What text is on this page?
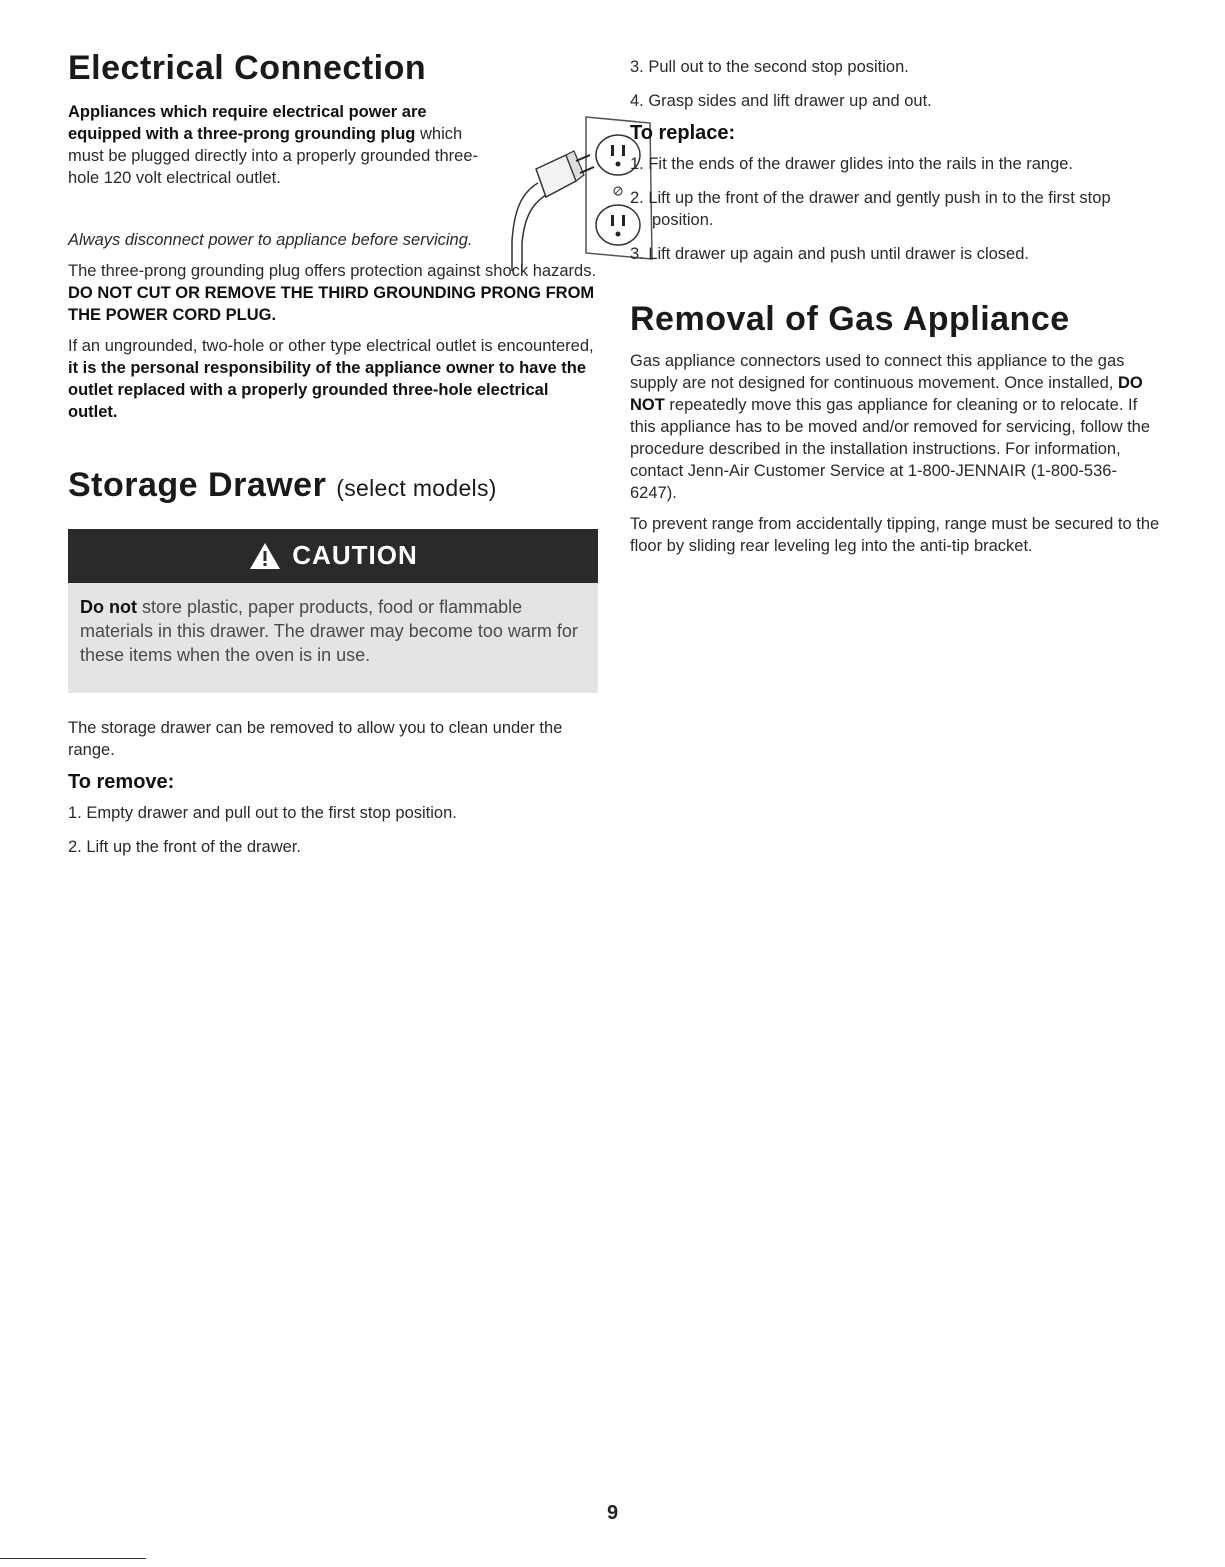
Electrical Connection

Appliances which require electrical power are equipped with a three-prong grounding plug which must be plugged directly into a properly grounded three-hole 120 volt electrical outlet.

Always disconnect power to appliance before servicing.

The three-prong grounding plug offers protection against shock hazards. DO NOT CUT OR REMOVE THE THIRD GROUNDING PRONG FROM THE POWER CORD PLUG.

If an ungrounded, two-hole or other type electrical outlet is encountered, it is the personal responsibility of the appliance owner to have the outlet replaced with a properly grounded three-hole electrical outlet.

Storage Drawer (select models)
CAUTION

Do not store plastic, paper products, food or flammable materials in this drawer. The drawer may become too warm for these items when the oven is in use.

The storage drawer can be removed to allow you to clean under the range.

To remove:
1. Empty drawer and pull out to the first stop position.
2. Lift up the front of the drawer.
3. Pull out to the second stop position.
4. Grasp sides and lift drawer up and out.
To replace:
1. Fit the ends of the drawer glides into the rails in the range.
2. Lift up the front of the drawer and gently push in to the first stop position.
3. Lift drawer up again and push until drawer is closed.
Removal of Gas Appliance

Gas appliance connectors used to connect this appliance to the gas supply are not designed for continuous movement. Once installed, DO NOT repeatedly move this gas appliance for cleaning or to relocate. If this appliance has to be moved and/or removed for servicing, follow the procedure described in the installation instructions. For information, contact Jenn-Air Customer Service at 1-800-JENNAIR (1-800-536-6247).

To prevent range from accidentally tipping, range must be secured to the floor by sliding rear leveling leg into the anti-tip bracket.

9
